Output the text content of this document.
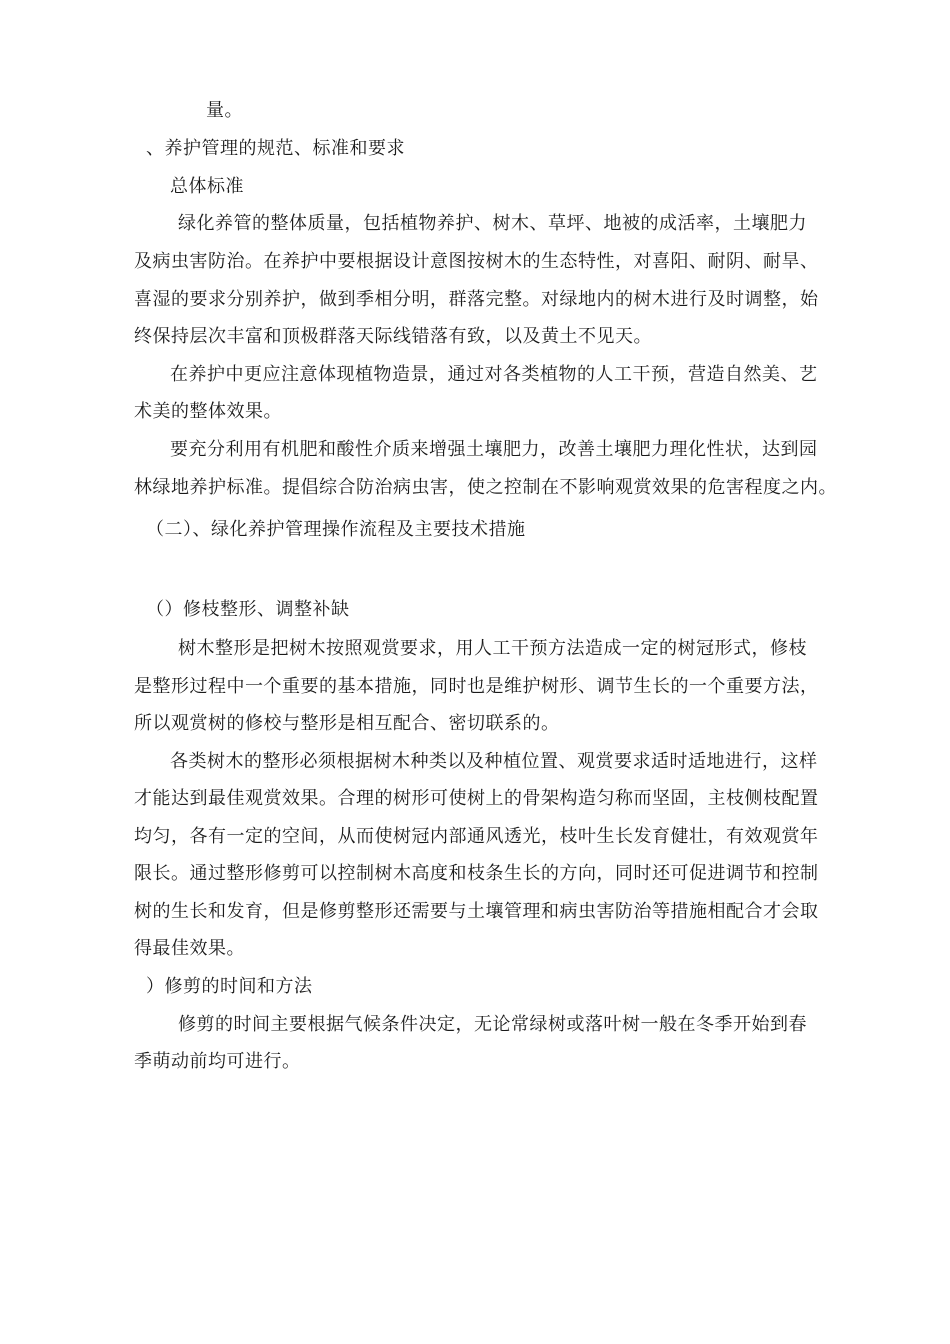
量。
、养护管理的规范、标准和要求
总体标准
绿化养管的整体质量，包括植物养护、树木、草坪、地被的成活率，土壤肥力
及病虫害防治。在养护中要根据设计意图按树木的生态特性，对喜阳、耐阴、耐旱、
喜湿的要求分别养护，做到季相分明，群落完整。对绿地内的树木进行及时调整，始
终保持层次丰富和顶极群落天际线错落有致，以及黄土不见天。
在养护中更应注意体现植物造景，通过对各类植物的人工干预，营造自然美、艺
术美的整体效果。
要充分利用有机肥和酸性介质来增强土壤肥力，改善土壤肥力理化性状，达到园
林绿地养护标准。提倡综合防治病虫害，使之控制在不影响观赏效果的危害程度之内。
（二）、绿化养护管理操作流程及主要技术措施
（）修枝整形、调整补缺
树木整形是把树木按照观赏要求，用人工干预方法造成一定的树冠形式，修枝
是整形过程中一个重要的基本措施，同时也是维护树形、调节生长的一个重要方法，
所以观赏树的修校与整形是相互配合、密切联系的。
各类树木的整形必须根据树木种类以及种植位置、观赏要求适时适地进行，这样
才能达到最佳观赏效果。合理的树形可使树上的骨架构造匀称而坚固，主枝侧枝配置
均匀，各有一定的空间，从而使树冠内部通风透光，枝叶生长发育健壮，有效观赏年
限长。通过整形修剪可以控制树木高度和枝条生长的方向，同时还可促进调节和控制
树的生长和发育，但是修剪整形还需要与土壤管理和病虫害防治等措施相配合才会取
得最佳效果。
）修剪的时间和方法
修剪的时间主要根据气候条件决定，无论常绿树或落叶树一般在冬季开始到春
季萌动前均可进行。
